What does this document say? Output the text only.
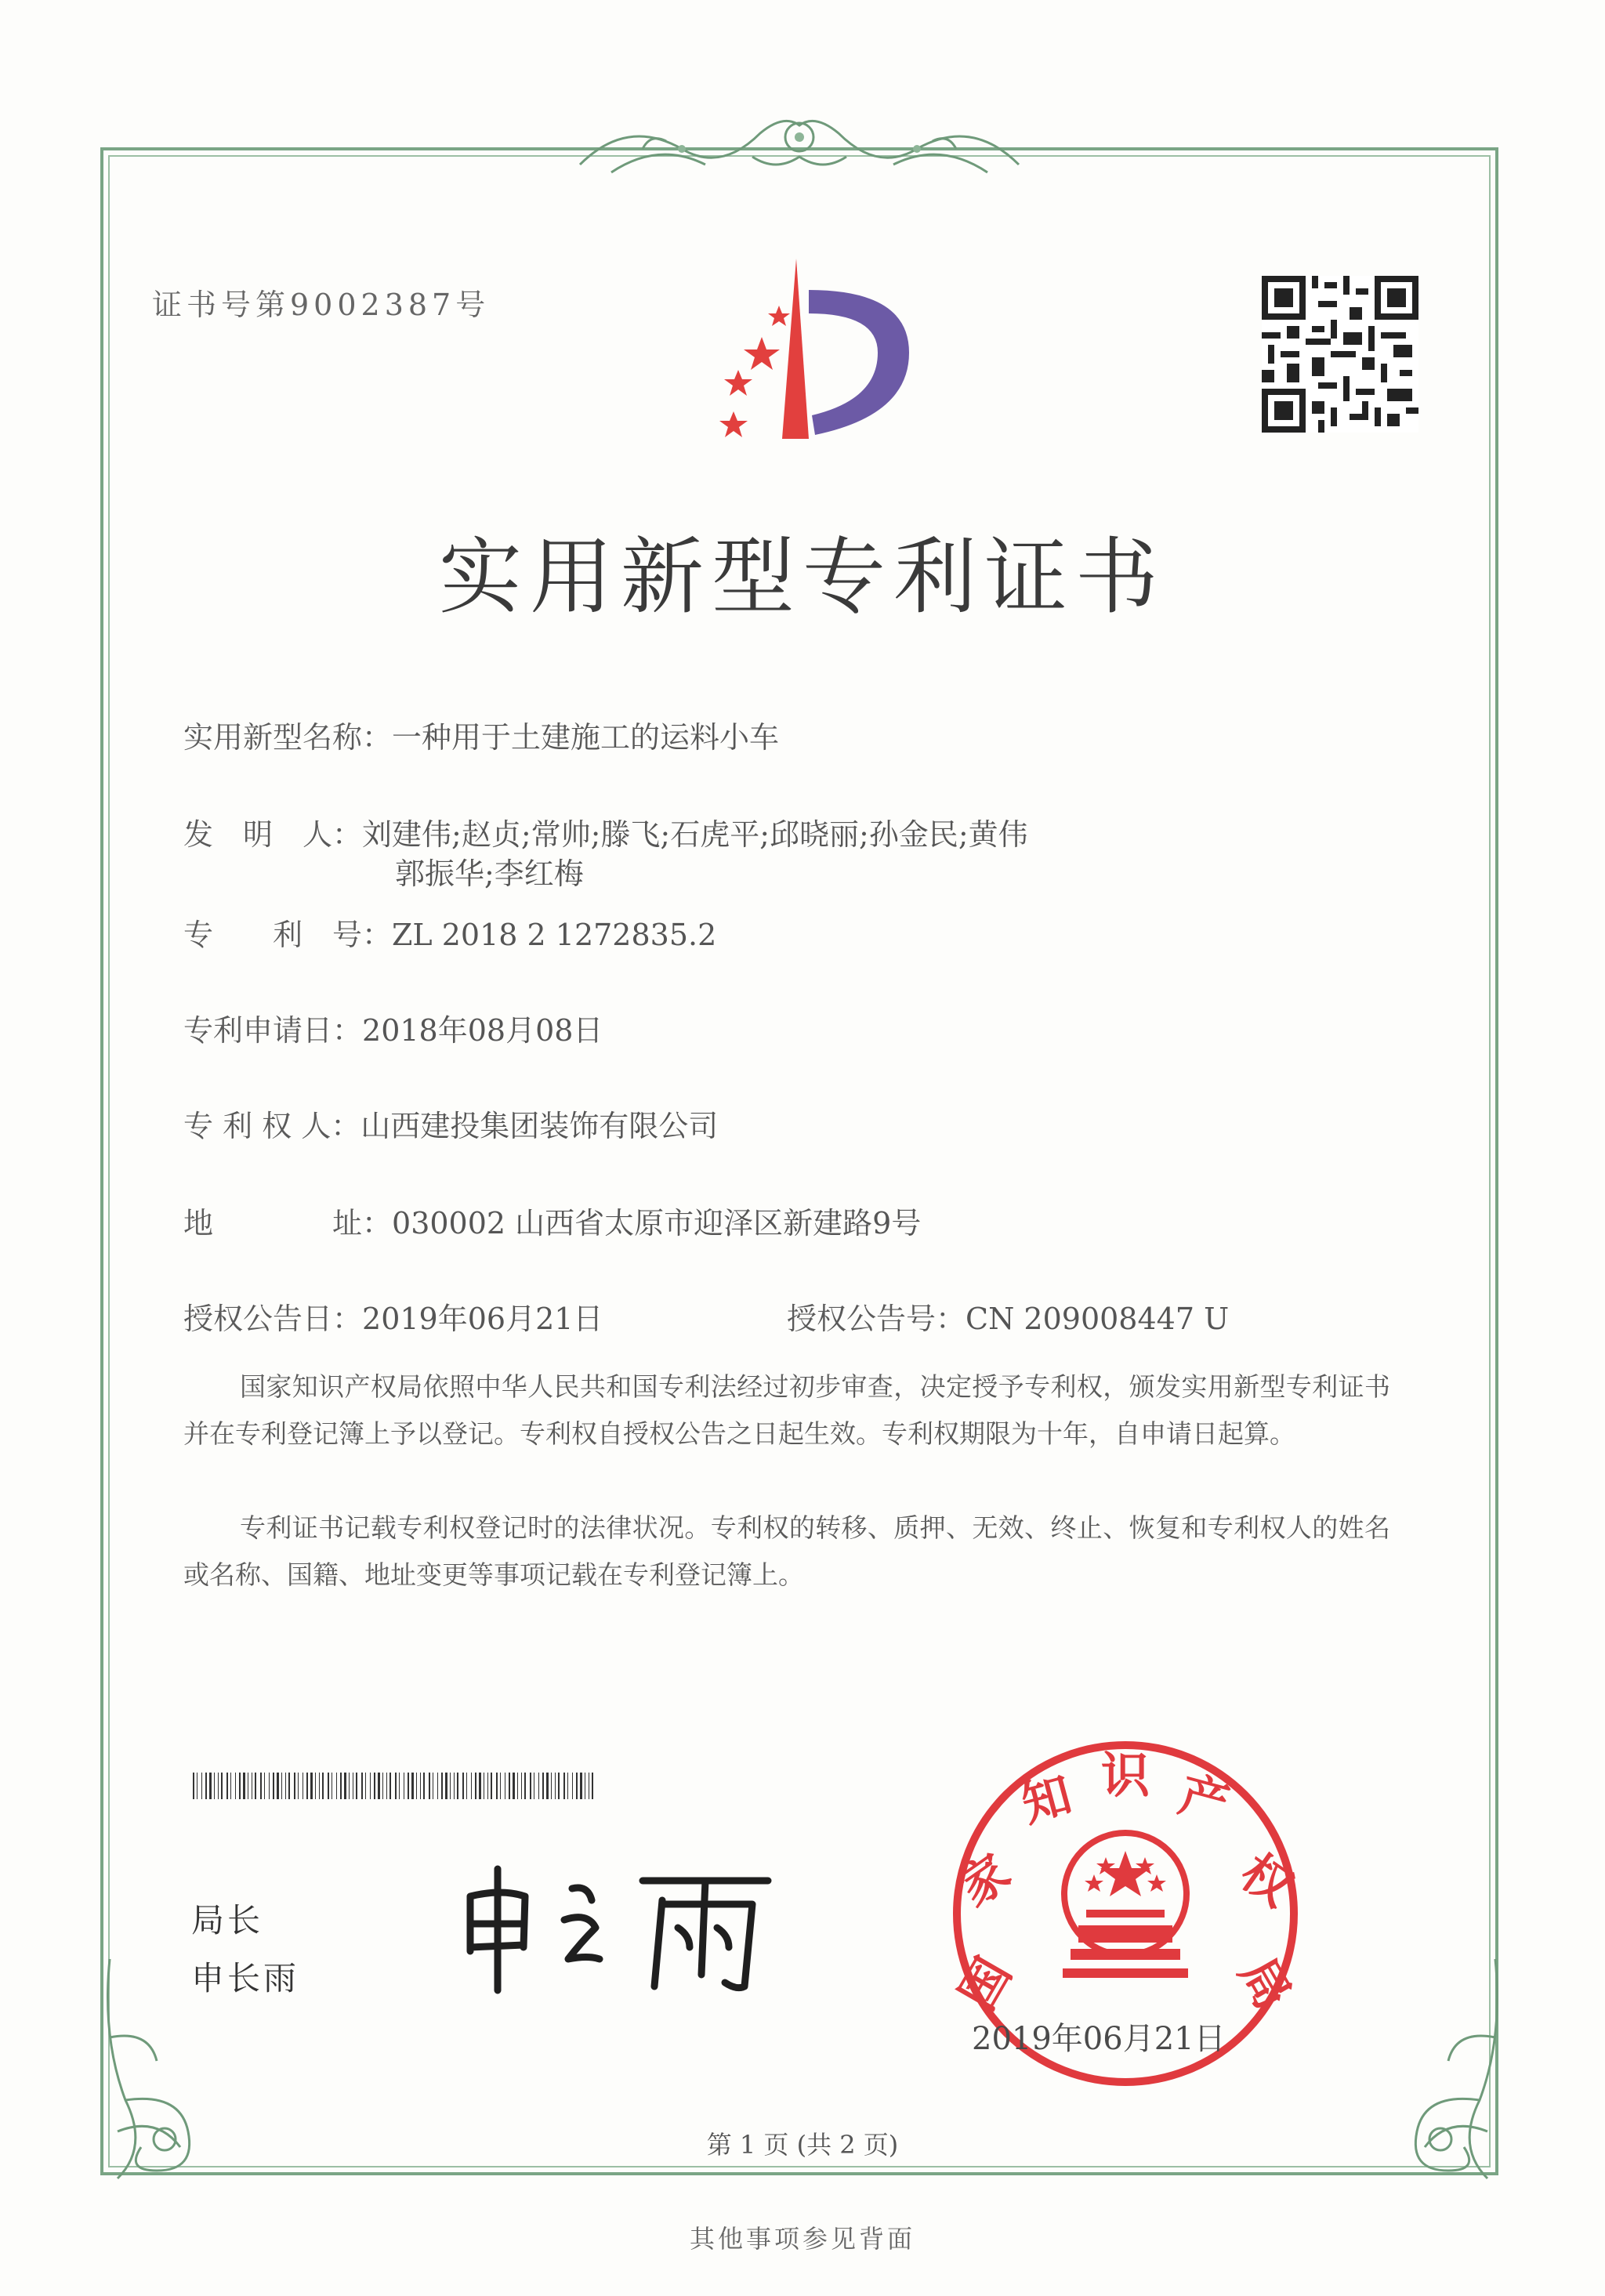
证书号第9002387号
实用新型专利证书
实用新型名称：一种用于土建施工的运料小车
发　明　人：刘建伟;赵贞;常帅;滕飞;石虎平;邱晓丽;孙金民;黄伟
郭振华;李红梅
专　　利　号：ZL 2018 2 1272835.2
专利申请日：2018年08月08日
专 利 权 人：山西建投集团装饰有限公司
地　　　　址：030002 山西省太原市迎泽区新建路9号
授权公告日：2019年06月21日	授权公告号：CN 209008447 U
国家知识产权局依照中华人民共和国专利法经过初步审查，决定授予专利权，颁发实用新型专利证书并在专利登记簿上予以登记。专利权自授权公告之日起生效。专利权期限为十年，自申请日起算。
专利证书记载专利权登记时的法律状况。专利权的转移、质押、无效、终止、恢复和专利权人的姓名或名称、国籍、地址变更等事项记载在专利登记簿上。
局长
申长雨	国
家
知 识 产
权
局
2019年06月21日
第 1 页 (共 2 页)
其他事项参见背面
